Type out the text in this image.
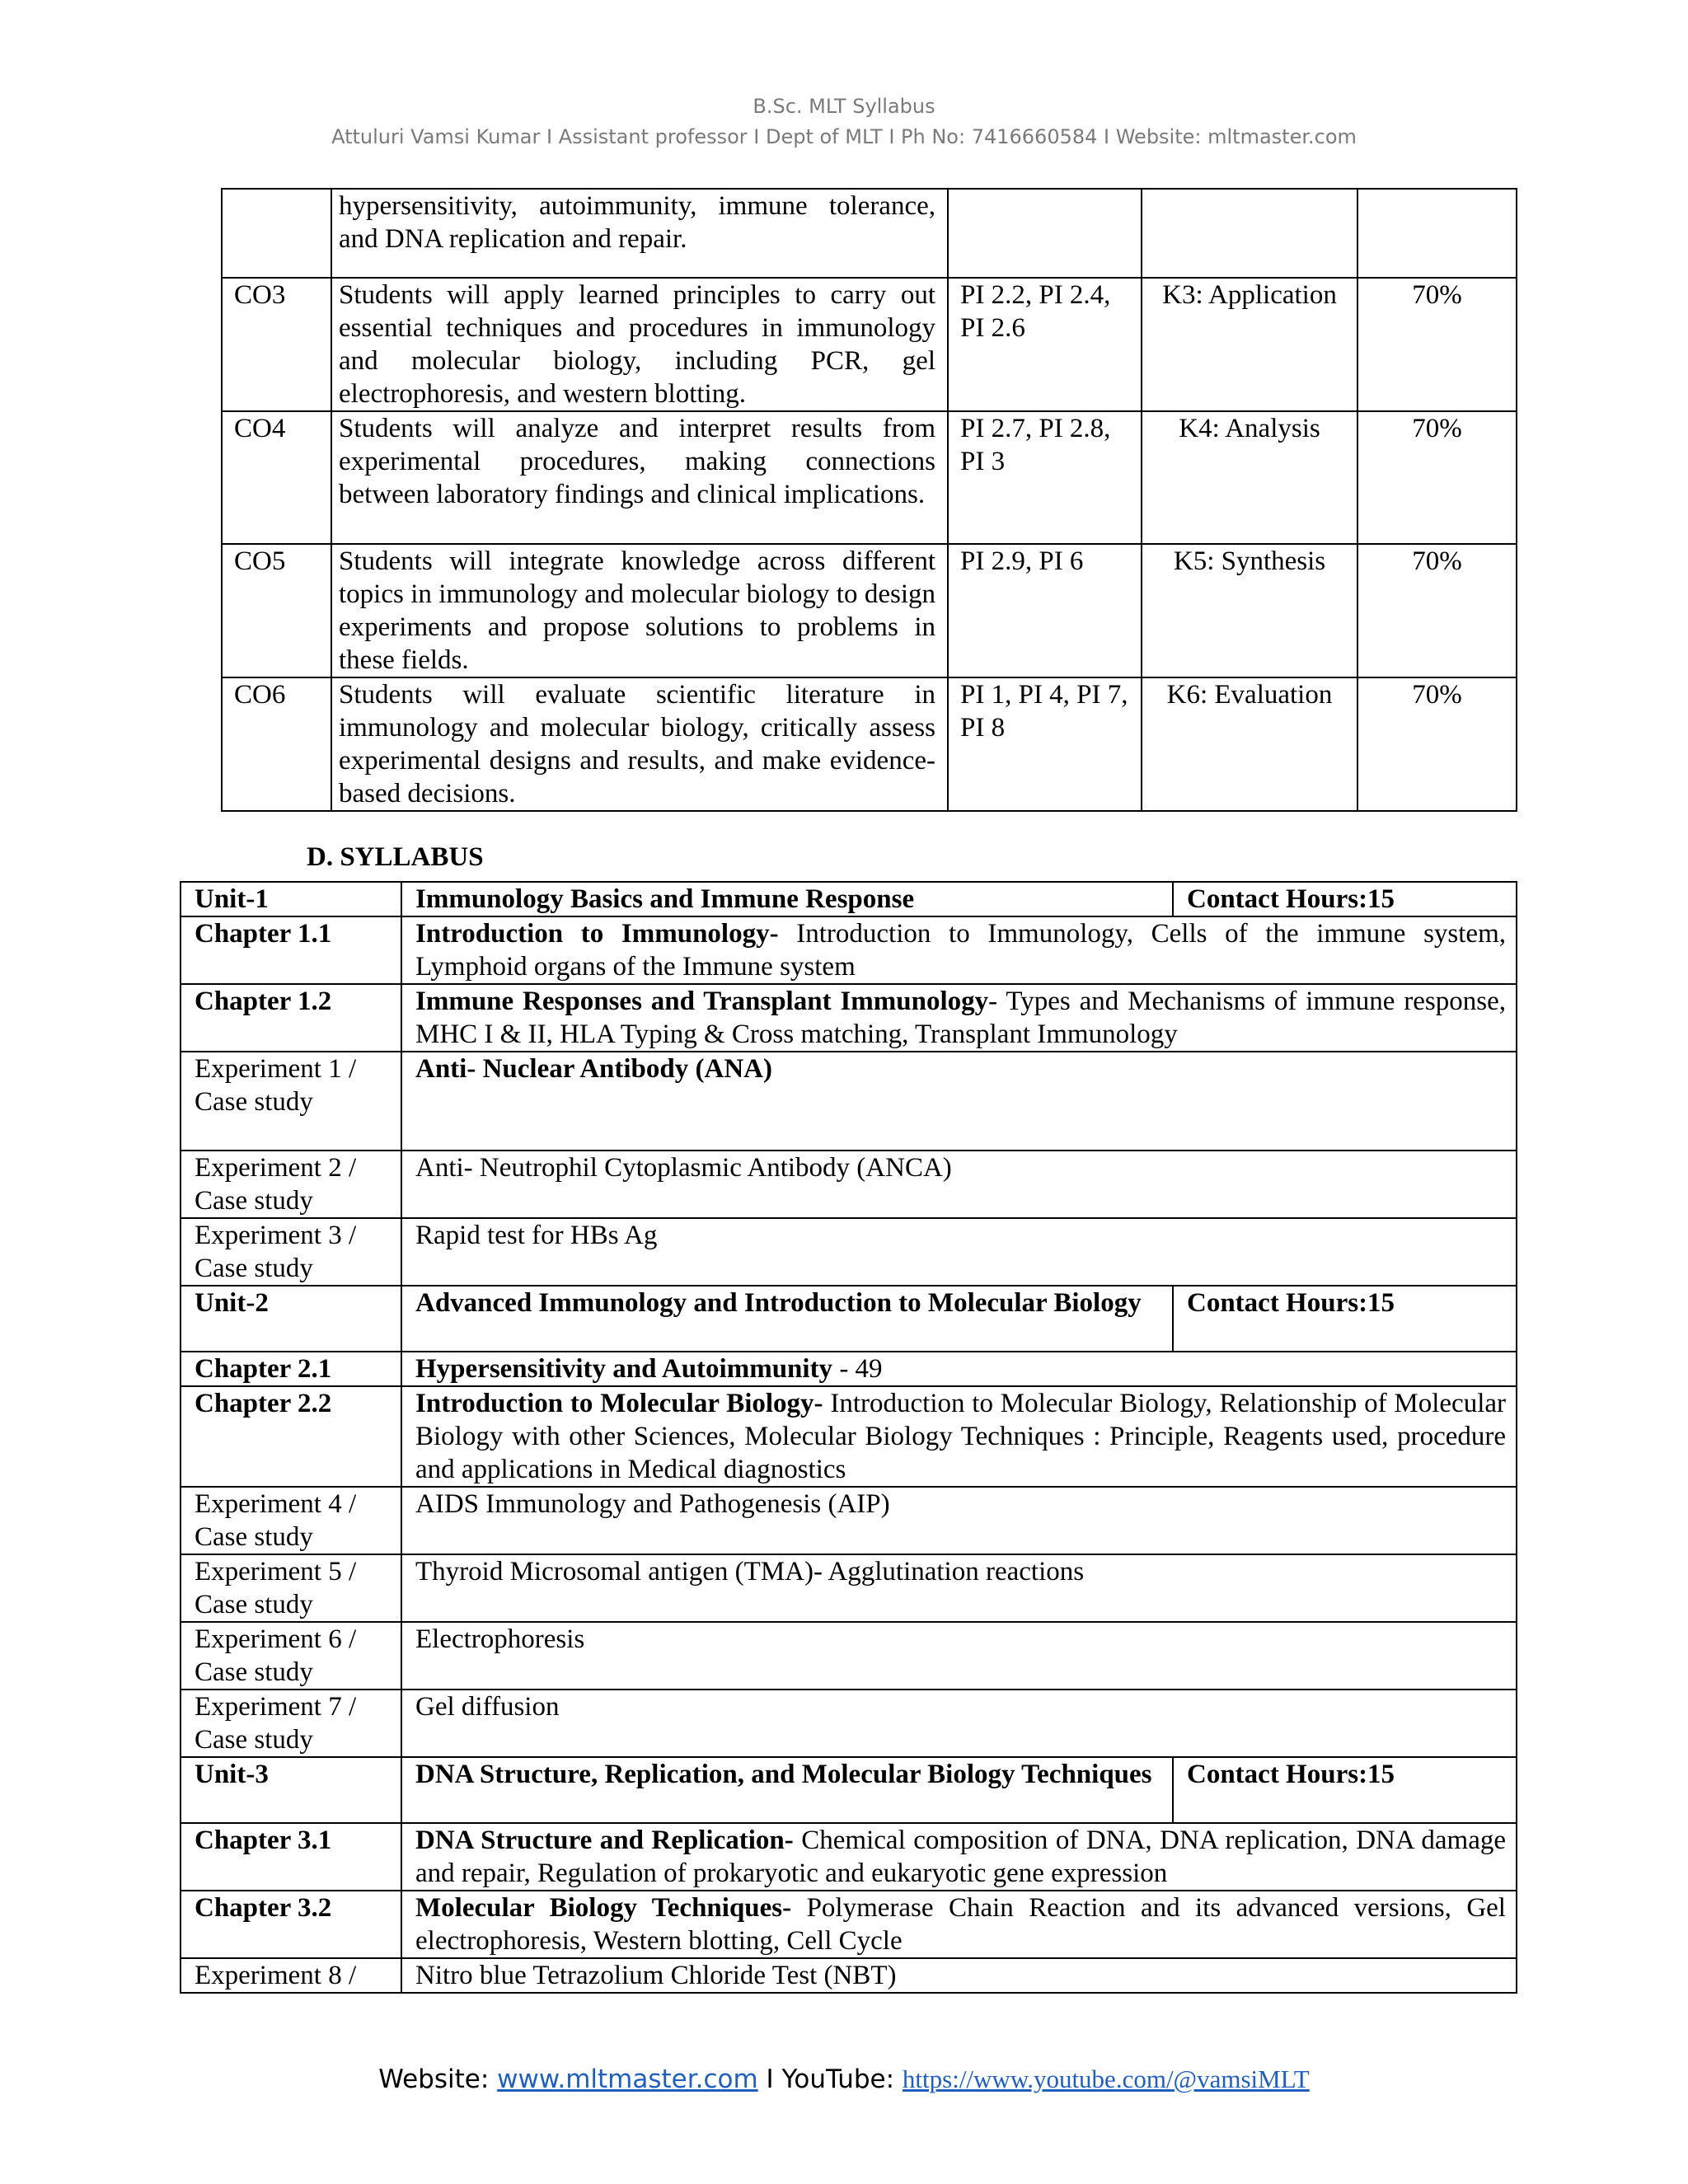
B.Sc. MLT Syllabus
Attuluri Vamsi Kumar I Assistant professor I Dept of MLT I Ph No: 7416660584 I Website: mltmaster.com
	hypersensitivity, autoimmunity, immune tolerance, and DNA replication and repair.			
CO3	Students will apply learned principles to carry out essential techniques and procedures in immunology and molecular biology, including PCR, gel electrophoresis, and western blotting.	PI 2.2, PI 2.4, PI 2.6	K3: Application	70%
CO4	Students will analyze and interpret results from experimental procedures, making connections between laboratory findings and clinical implications.	PI 2.7, PI 2.8, PI 3	K4: Analysis	70%
CO5	Students will integrate knowledge across different topics in immunology and molecular biology to design experiments and propose solutions to problems in these fields.	PI 2.9, PI 6	K5: Synthesis	70%
CO6	Students will evaluate scientific literature in immunology and molecular biology, critically assess experimental designs and results, and make evidence-based decisions.	PI 1, PI 4, PI 7, PI 8	K6: Evaluation	70%
D. SYLLABUS
Unit-1	Immunology Basics and Immune Response	Contact Hours:15
Chapter 1.1	Introduction to Immunology- Introduction to Immunology, Cells of the immune system, Lymphoid organs of the Immune system	
Chapter 1.2	Immune Responses and Transplant Immunology- Types and Mechanisms of immune response, MHC I & II, HLA Typing & Cross matching, Transplant Immunology	
Experiment 1 / Case study	Anti- Nuclear Antibody (ANA)	
Experiment 2 / Case study	Anti- Neutrophil Cytoplasmic Antibody (ANCA)	
Experiment 3 / Case study	Rapid test for HBs Ag	
Unit-2	Advanced Immunology and Introduction to Molecular Biology	Contact Hours:15
Chapter 2.1	Hypersensitivity and Autoimmunity - 49	
Chapter 2.2	Introduction to Molecular Biology- Introduction to Molecular Biology, Relationship of Molecular Biology with other Sciences, Molecular Biology Techniques : Principle, Reagents used, procedure and applications in Medical diagnostics	
Experiment 4 / Case study	AIDS Immunology and Pathogenesis (AIP)	
Experiment 5 / Case study	Thyroid Microsomal antigen (TMA)- Agglutination reactions	
Experiment 6 / Case study	Electrophoresis	
Experiment 7 / Case study	Gel diffusion	
Unit-3	DNA Structure, Replication, and Molecular Biology Techniques	Contact Hours:15
Chapter 3.1	DNA Structure and Replication- Chemical composition of DNA, DNA replication, DNA damage and repair, Regulation of prokaryotic and eukaryotic gene expression	
Chapter 3.2	Molecular Biology Techniques- Polymerase Chain Reaction and its advanced versions, Gel electrophoresis, Western blotting, Cell Cycle	
Experiment 8 /	Nitro blue Tetrazolium Chloride Test (NBT)	
Website: www.mltmaster.com I YouTube: https://www.youtube.com/@vamsiMLT
